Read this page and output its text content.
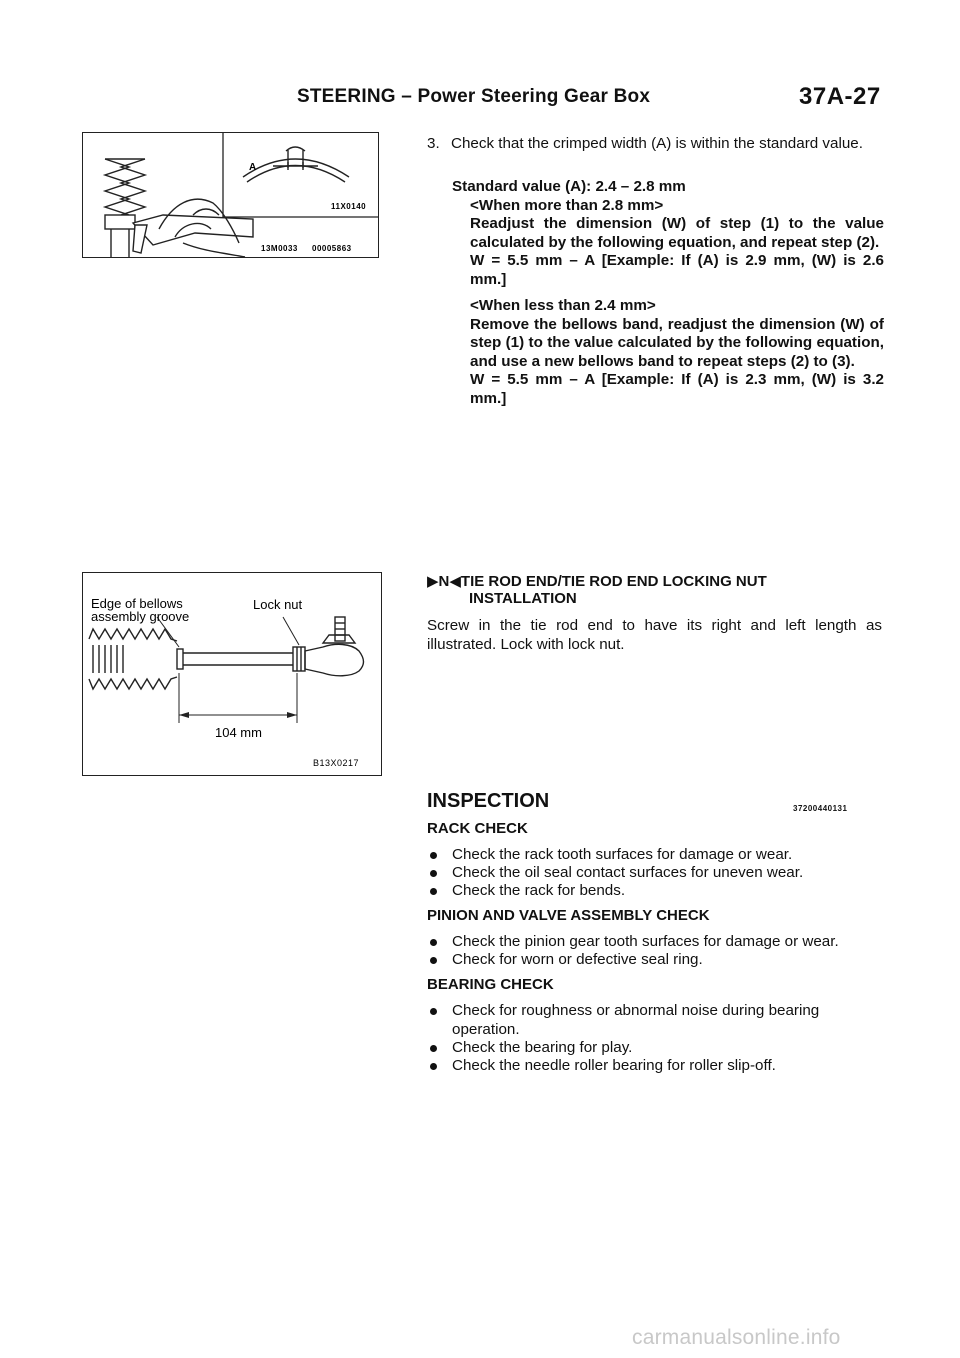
STEERING – Power Steering Gear Box	37A-27
A
11X0140
13M0033 00005863
3. Check that the crimped width (A) is within the standard value.
Standard value (A): 2.4 – 2.8 mm
<When more than 2.8 mm>
Readjust the dimension (W) of step (1) to the value calculated by the following equation, and repeat step (2).
W = 5.5 mm – A [Example: If (A) is 2.9 mm, (W) is 2.6 mm.]
<When less than 2.4 mm>
Remove the bellows band, readjust the dimension (W) of step (1) to the value calculated by the following equation, and use a new bellows band to repeat steps (2) to (3).
W = 5.5 mm – A [Example: If (A) is 2.3 mm, (W) is 3.2 mm.]
Edge of bellows
assembly groove
Lock nut
104 mm
B13X0217
▶N◀TIE ROD END/TIE ROD END LOCKING NUT
INSTALLATION
Screw in the tie rod end to have its right and left length as illustrated. Lock with lock nut.
INSPECTION	37200440131
RACK CHECK
Check the rack tooth surfaces for damage or wear.
Check the oil seal contact surfaces for uneven wear.
Check the rack for bends.
PINION AND VALVE ASSEMBLY CHECK
Check the pinion gear tooth surfaces for damage or wear.
Check for worn or defective seal ring.
BEARING CHECK
Check for roughness or abnormal noise during bearing operation.
Check the bearing for play.
Check the needle roller bearing for roller slip-off.
carmanualsonline.info
